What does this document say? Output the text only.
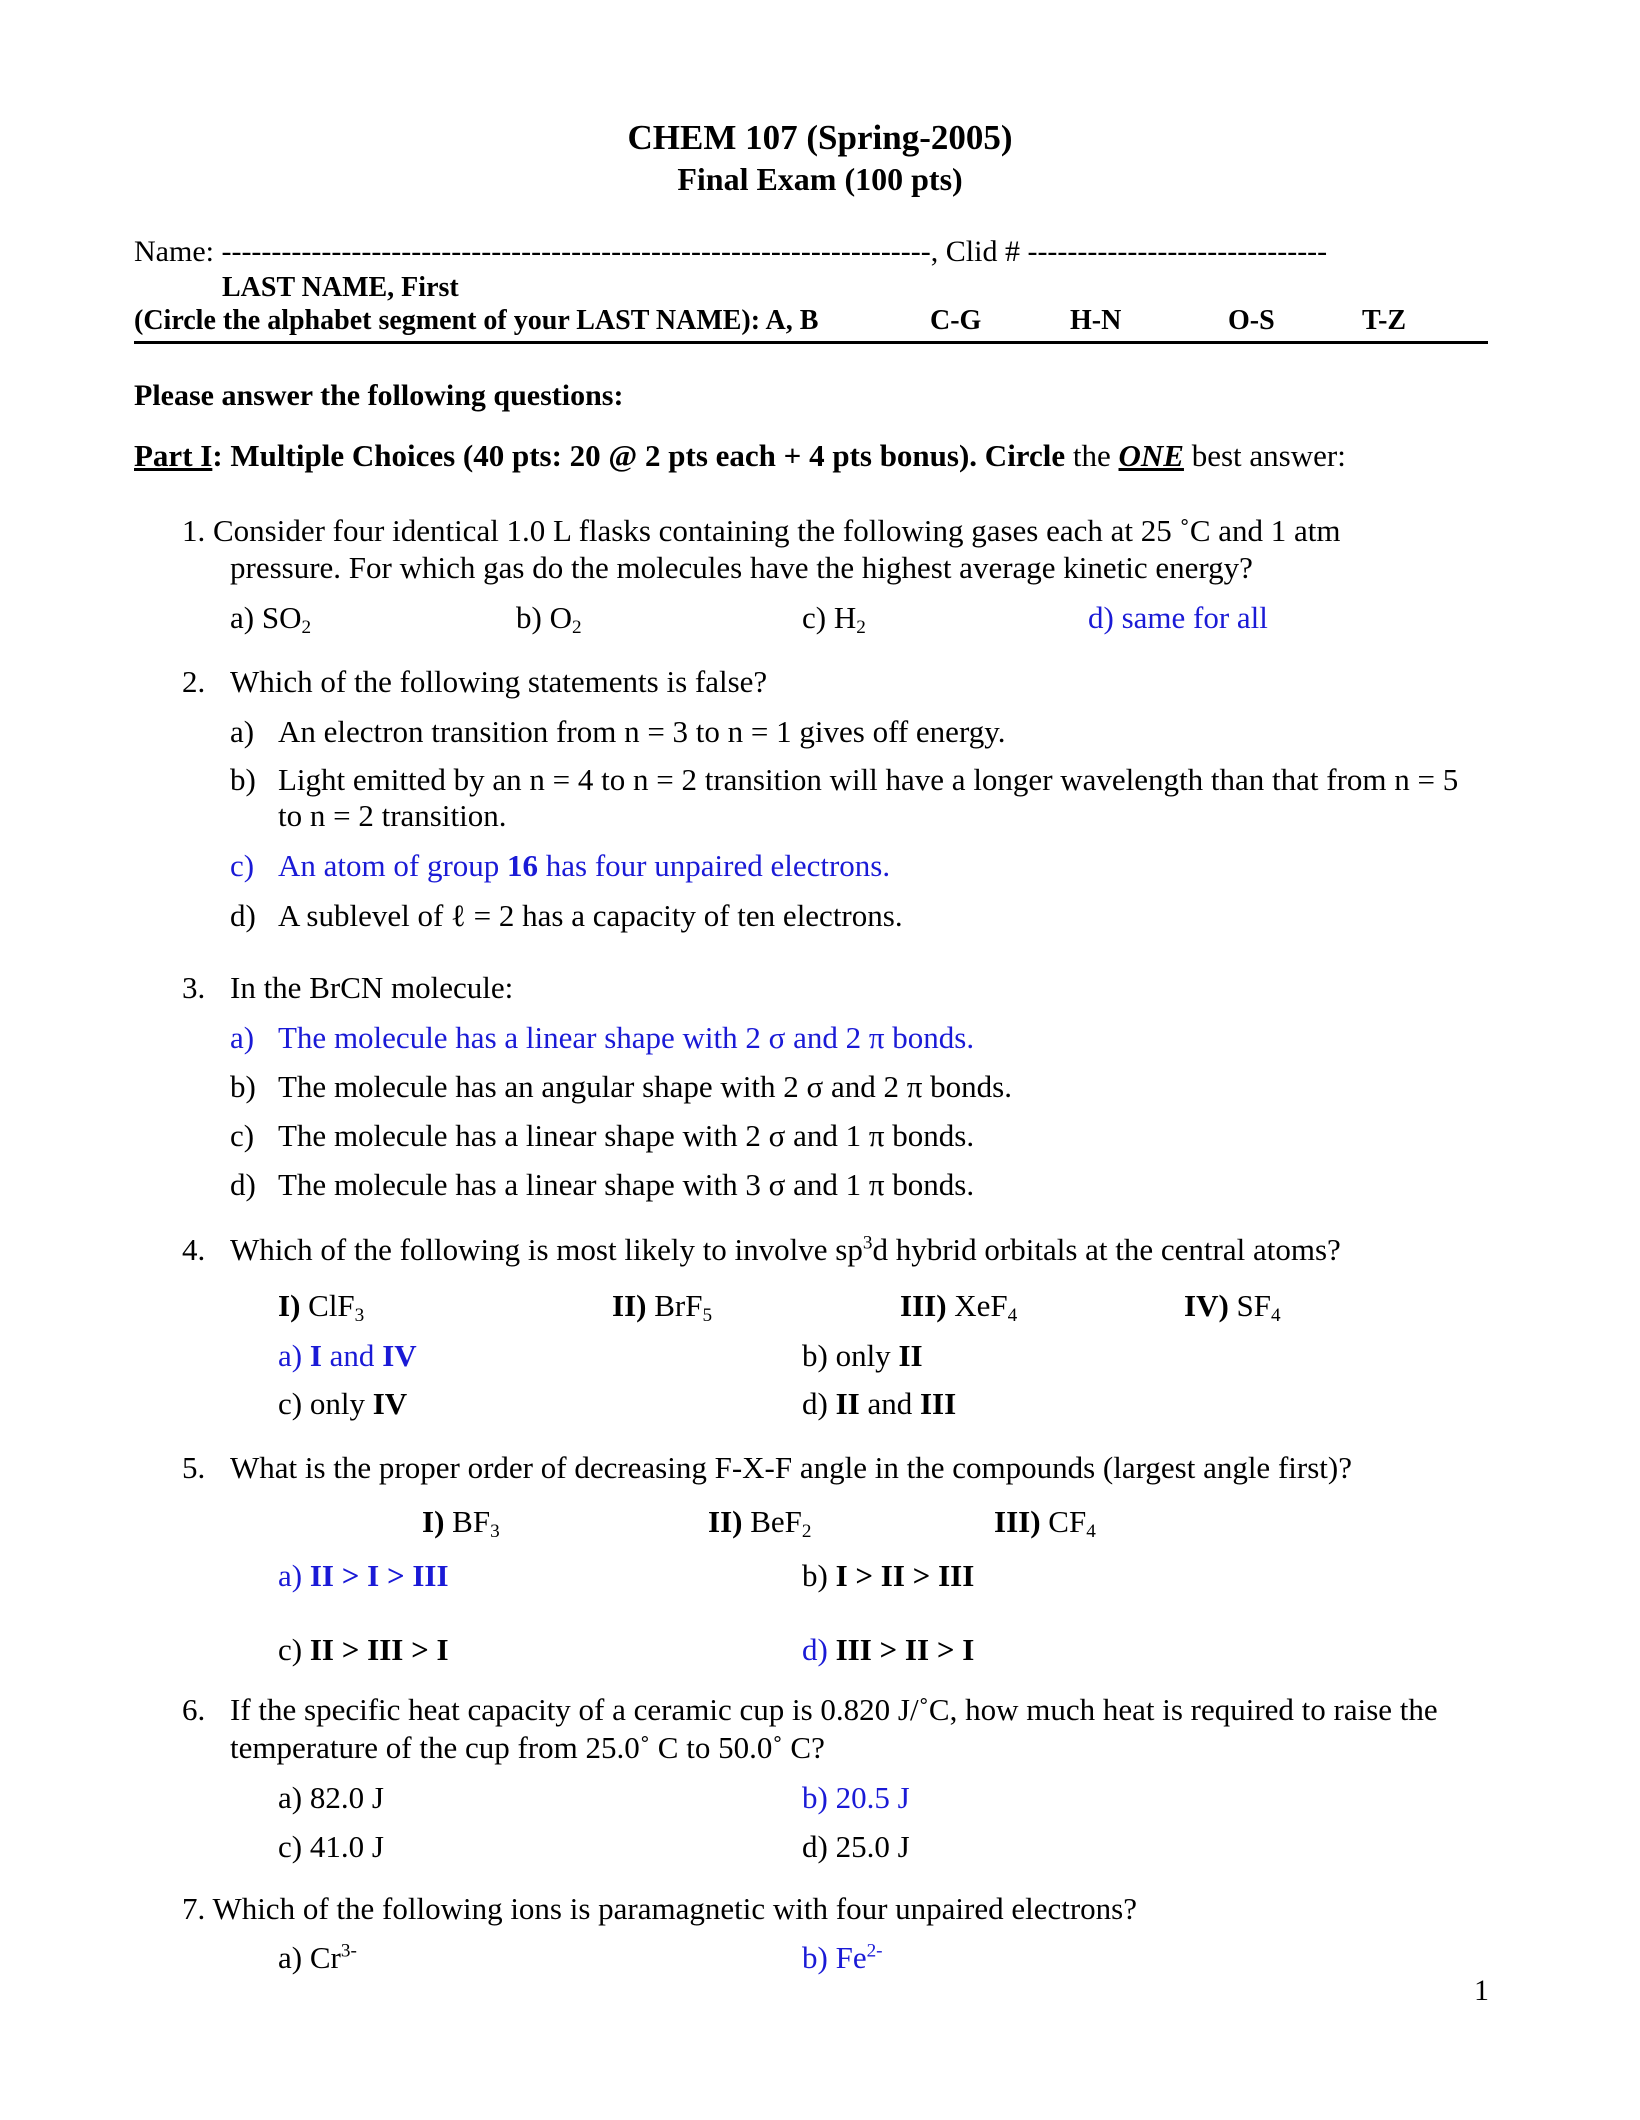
CHEM 107 (Spring-2005)
Final Exam (100 pts)
Name: -----------------------------------------------------------------------, Clid # ------------------------------
LAST NAME, First
(Circle the alphabet segment of your LAST NAME): A, B	C-G	H-N	O-S	T-Z
Please answer the following questions:
Part I: Multiple Choices (40 pts: 20 @ 2 pts each + 4 pts bonus). Circle the ONE best answer:
1. Consider four identical 1.0 L flasks containing the following gases each at 25 ˚C and 1 atm
pressure. For which gas do the molecules have the highest average kinetic energy?
a) $SO_2$	b) $O_2$	c) $H_2$	d) same for all
2. Which of the following statements is false?
a) An electron transition from n = 3 to n = 1 gives off energy.
b) Light emitted by an n = 4 to n = 2 transition will have a longer wavelength than that from n = 5
to n = 2 transition.
c) An atom of group 16 has four unpaired electrons.
d) A sublevel of ℓ = 2 has a capacity of ten electrons.
3. In the BrCN molecule:
a) The molecule has a linear shape with 2 σ and 2 π bonds.
b) The molecule has an angular shape with 2 σ and 2 π bonds.
c) The molecule has a linear shape with 2 σ and 1 π bonds.
d) The molecule has a linear shape with 3 σ and 1 π bonds.
4. Which of the following is most likely to involve $sp^3d$ hybrid orbitals at the central atoms?
I) ClF$_3$	II) BrF$_5$	III) XeF$_4$	IV) $SF_4$
a) I and IV	b) only II
c) only IV	d) II and III
5. What is the proper order of decreasing F-X-F angle in the compounds (largest angle first)?
I) $BF_3$	II) BeF$_2$	III) $CF_4$
a) II > I > III	b) I > II > III
c) II > III > I	d) III > II > I
6. If the specific heat capacity of a ceramic cup is 0.820 J/˚C, how much heat is required to raise the
temperature of the cup from 25.0˚ C to 50.0˚ C?
a) 82.0 J	b) 20.5 J
c) 41.0 J	d) 25.0 J
7. Which of the following ions is paramagnetic with four unpaired electrons?
a) $Cr^{3-}$	b) $Fe^{2-}$
1
